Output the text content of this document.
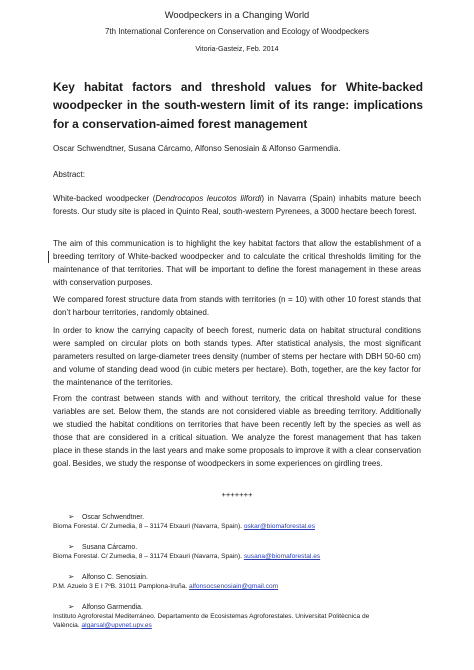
Woodpeckers in a Changing World
7th International Conference on Conservation and Ecology of Woodpeckers
Vitoria-Gasteiz, Feb. 2014
Key habitat factors and threshold values for White-backed woodpecker in the south-western limit of its range: implications for a conservation-aimed forest management
Oscar Schwendtner, Susana Cárcamo, Alfonso Senosiain & Alfonso Garmendia.
Abstract:

White-backed woodpecker (Dendrocopos leucotos lilfordi) in Navarra (Spain) inhabits mature beech forests. Our study site is placed in Quinto Real, south-western Pyrenees, a 3000 hectare beech forest.

The aim of this communication is to highlight the key habitat factors that allow the establishment of a breeding territory of White-backed woodpecker and to calculate the critical thresholds limiting for the maintenance of that territories. That will be important to define the forest management in these areas with conservation purposes.

We compared forest structure data from stands with territories (n = 10) with other 10 forest stands that don’t harbour territories, randomly obtained.

In order to know the carrying capacity of beech forest, numeric data on habitat structural conditions were sampled on circular plots on both stands types. After statistical analysis, the most significant parameters resulted on large-diameter trees density (number of stems per hectare with DBH 50-60 cm) and volume of standing dead wood (in cubic meters per hectare). Both, together, are the key factor for the maintenance of the territories.

From the contrast between stands with and without territory, the critical threshold value for these variables are set. Below them, the stands are not considered viable as breeding territory. Additionally we studied the habitat conditions on territories that have been recently left by the species as well as those that are considered in a critical situation. We analyze the forest management that has taken place in these stands in the last years and make some proposals to improve it with a clear conservation goal. Besides, we study the response of woodpeckers in some experiences on girdling trees.

+++++++
➢ Oscar Schwendtner.
Bioma Forestal. C/ Zumedia, 8 – 31174 Etxauri (Navarra, Spain). oskar@biomaforestal.es
➢ Susana Cárcamo.
Bioma Forestal. C/ Zumedia, 8 – 31174 Etxauri (Navarra, Spain). susana@biomaforestal.es
➢ Alfonso C. Senosiain.
P.M. Azuelo 3 E I 7ºB. 31011 Pamplona-Iruña. alfonsocsenosiain@gmail.com
➢ Alfonso Garmendia.
Instituto Agroforestal Mediterráneo. Departamento de Ecosistemas Agroforestales. Universitat Politècnica de
València. algarsal@upvnet.upv.es
